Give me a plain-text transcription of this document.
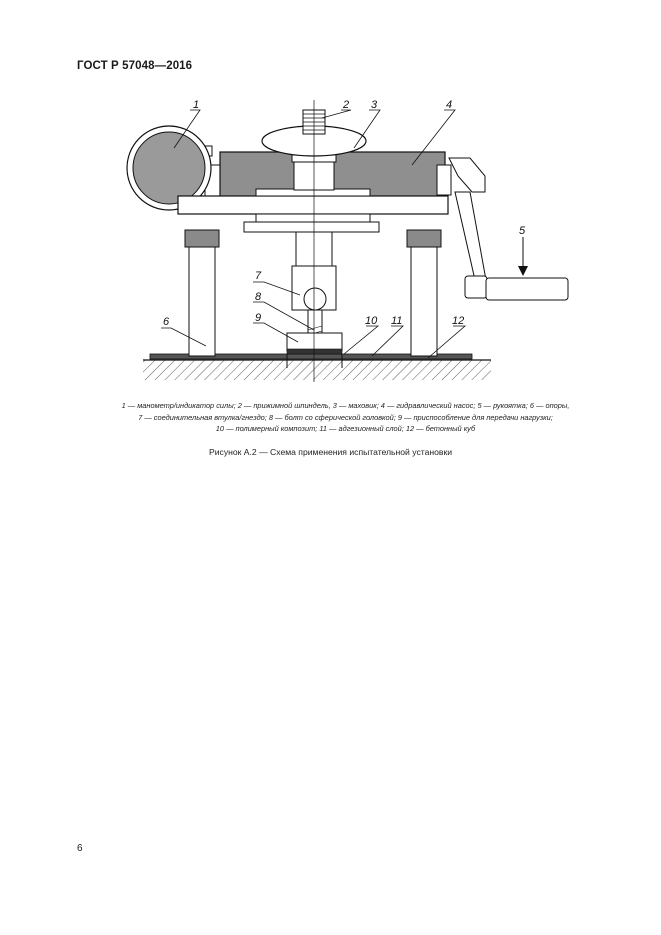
ГОСТ Р 57048—2016
1	2 3	4
5
6
7
8
9	10 11	12
1 — манометр/индикатор силы; 2 — прижимной шпиндель, 3 — маховик; 4 — гидравлический насос; 5 — рукоятка; 6 — опоры,
7 — соединительная втулка/гнездо; 8 — болт со сферической головкой; 9 — приспособление для передачи нагрузки;
10 — полимерный композит; 11 — адгезионный слой; 12 — бетонный куб
Рисунок А.2 — Схема применения испытательной установки
6
